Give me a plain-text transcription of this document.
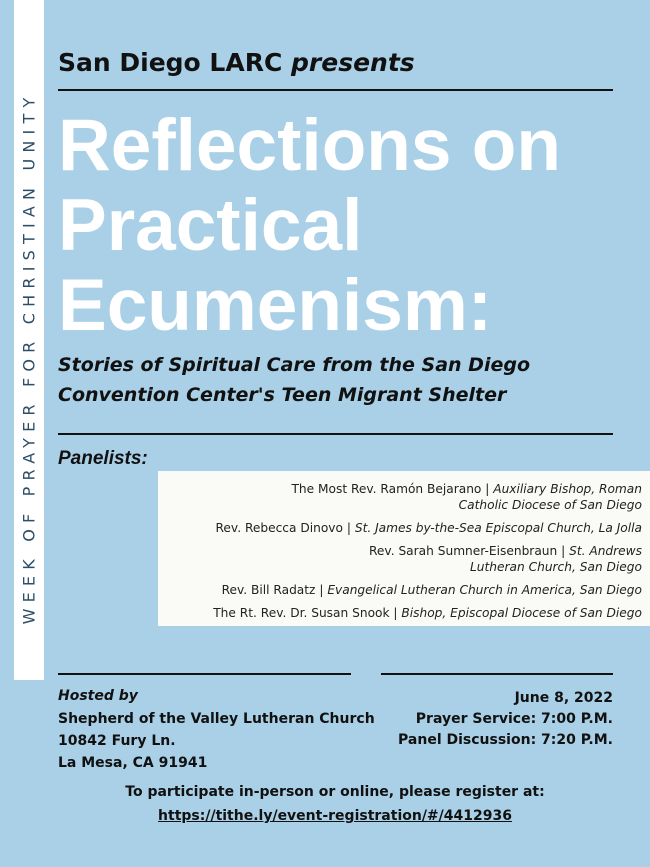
WEEK OF PRAYER FOR CHRISTIAN UNITY
San Diego LARC presents
Reflections on
Practical
Ecumenism:
Stories of Spiritual Care from the San Diego
Convention Center's Teen Migrant Shelter
Panelists:
The Most Rev. Ramón Bejarano | Auxiliary Bishop, Roman
Catholic Diocese of San Diego
Rev. Rebecca Dinovo | St. James by-the-Sea Episcopal Church, La Jolla
Rev. Sarah Sumner-Eisenbraun | St. Andrews
Lutheran Church, San Diego
Rev. Bill Radatz | Evangelical Lutheran Church in America, San Diego
The Rt. Rev. Dr. Susan Snook | Bishop, Episcopal Diocese of San Diego
Hosted by
Shepherd of the Valley Lutheran Church
10842 Fury Ln.
La Mesa, CA 91941
June 8, 2022
Prayer Service: 7:00 P.M.
Panel Discussion: 7:20 P.M.
To participate in-person or online, please register at:
https://tithe.ly/event-registration/#/4412936
